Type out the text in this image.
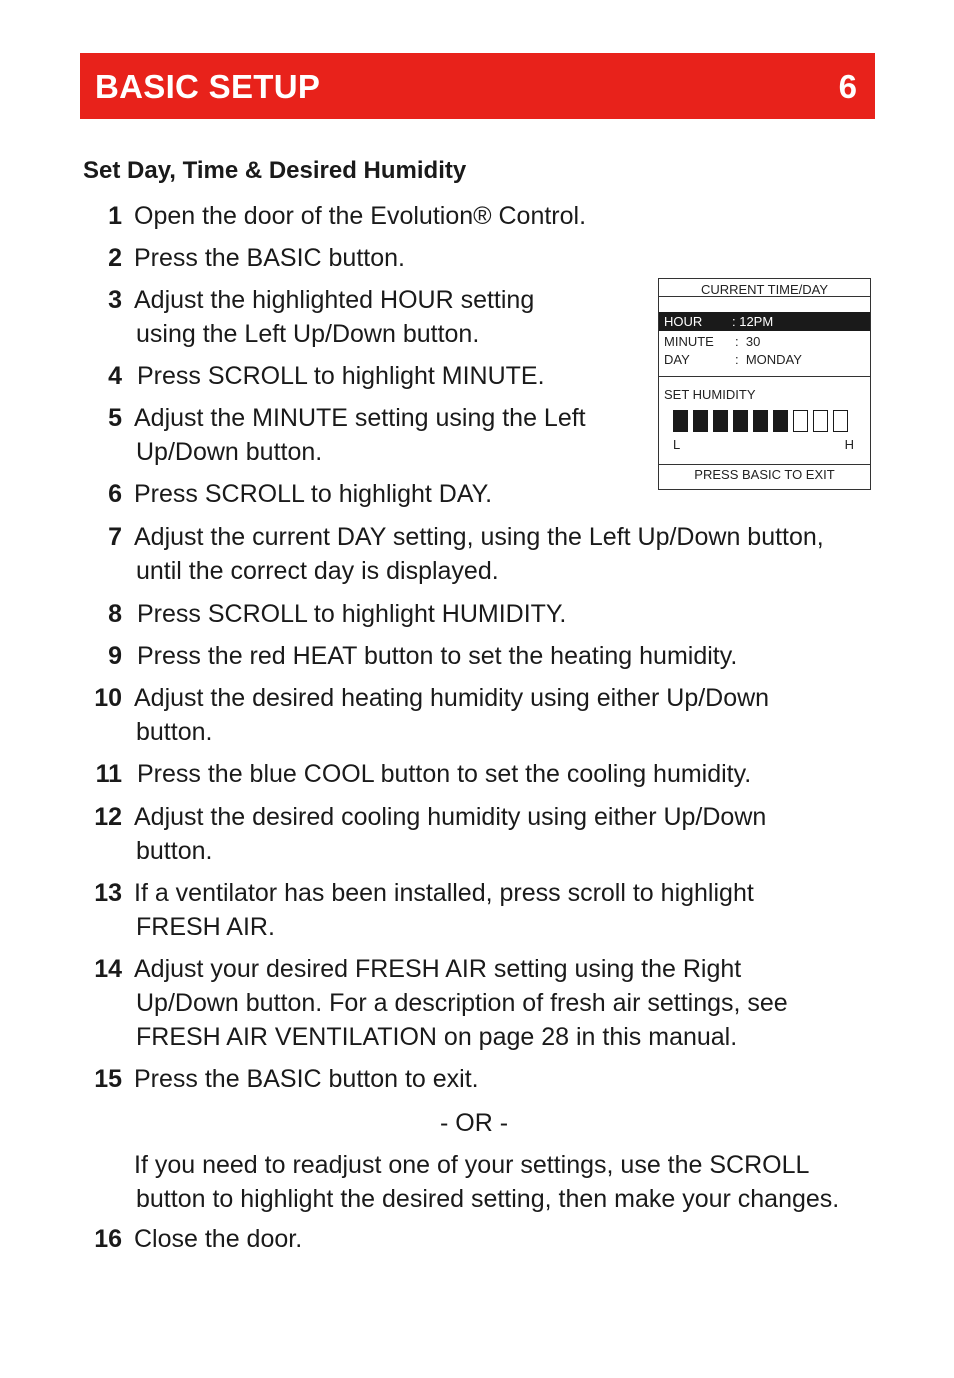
BASIC SETUP	6
Set Day, Time & Desired Humidity
1 Open the door of the Evolution® Control.
2 Press the BASIC button.
3 Adjust the highlighted HOUR setting
using the Left Up/Down button.
4 Press SCROLL to highlight MINUTE.
5 Adjust the MINUTE setting using the Left
Up/Down button.
6 Press SCROLL to highlight DAY.
7 Adjust the current DAY setting, using the Left Up/Down button,
until the correct day is displayed.
8 Press SCROLL to highlight HUMIDITY.
9 Press the red HEAT button to set the heating humidity.
10 Adjust the desired heating humidity using either Up/Down
button.
11 Press the blue COOL button to set the cooling humidity.
12 Adjust the desired cooling humidity using either Up/Down
button.
13 If a ventilator has been installed, press scroll to highlight
FRESH AIR.
14 Adjust your desired FRESH AIR setting using the Right
Up/Down button. For a description of fresh air settings, see
FRESH AIR VENTILATION on page 28 in this manual.
15 Press the BASIC button to exit.
16 Close the door.
- OR -
If you need to readjust one of your settings, use the SCROLL
button to highlight the desired setting, then make your changes.
CURRENT TIME/DAY
HOUR : 12PM
MINUTE :  30
DAY	:  MONDAY
SET HUMIDITY
L	H
PRESS BASIC TO EXIT
